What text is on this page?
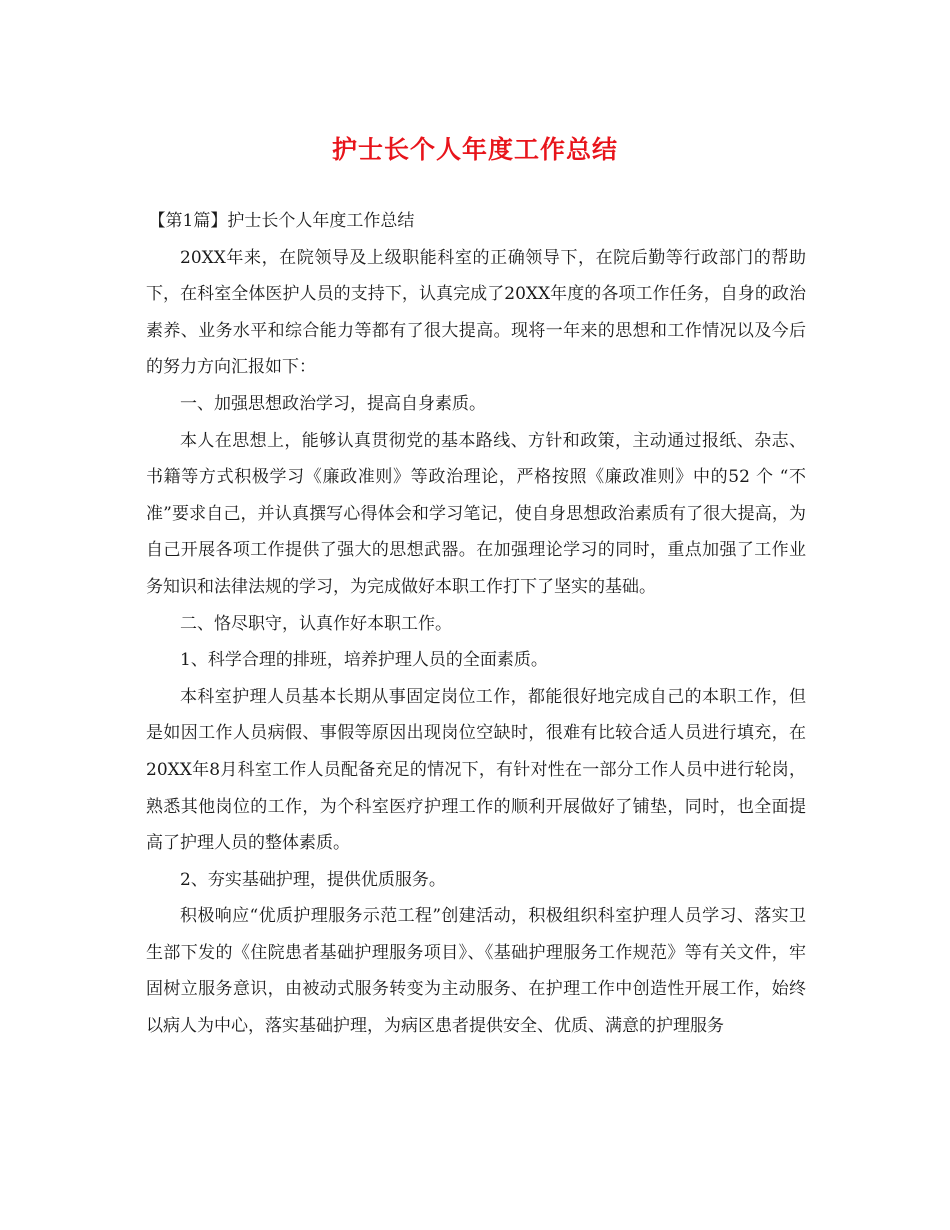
护士长个人年度工作总结

【第1篇】护士长个人年度工作总结

20XX年来，在院领导及上级职能科室的正确领导下，在院后勤等行政部门的帮助下，在科室全体医护人员的支持下，认真完成了20XX年度的各项工作任务，自身的政治素养、业务水平和综合能力等都有了很大提高。现将一年来的思想和工作情况以及今后的努力方向汇报如下：

一、加强思想政治学习，提高自身素质。

本人在思想上，能够认真贯彻党的基本路线、方针和政策，主动通过报纸、杂志、书籍等方式积极学习《廉政准则》等政治理论，严格按照《廉政准则》中的52 个 “不准”要求自己，并认真撰写心得体会和学习笔记，使自身思想政治素质有了很大提高，为自己开展各项工作提供了强大的思想武器。在加强理论学习的同时，重点加强了工作业务知识和法律法规的学习，为完成做好本职工作打下了坚实的基础。

二、恪尽职守，认真作好本职工作。

1、科学合理的排班，培养护理人员的全面素质。

本科室护理人员基本长期从事固定岗位工作，都能很好地完成自己的本职工作，但是如因工作人员病假、事假等原因出现岗位空缺时，很难有比较合适人员进行填充，在20XX年8月科室工作人员配备充足的情况下，有针对性在一部分工作人员中进行轮岗，熟悉其他岗位的工作，为个科室医疗护理工作的顺利开展做好了铺垫，同时，也全面提高了护理人员的整体素质。

2、夯实基础护理，提供优质服务。

积极响应“优质护理服务示范工程”创建活动，积极组织科室护理人员学习、落实卫生部下发的《住院患者基础护理服务项目》、《基础护理服务工作规范》等有关文件，牢固树立服务意识，由被动式服务转变为主动服务、在护理工作中创造性开展工作，始终以病人为中心，落实基础护理，为病区患者提供安全、优质、满意的护理服务
